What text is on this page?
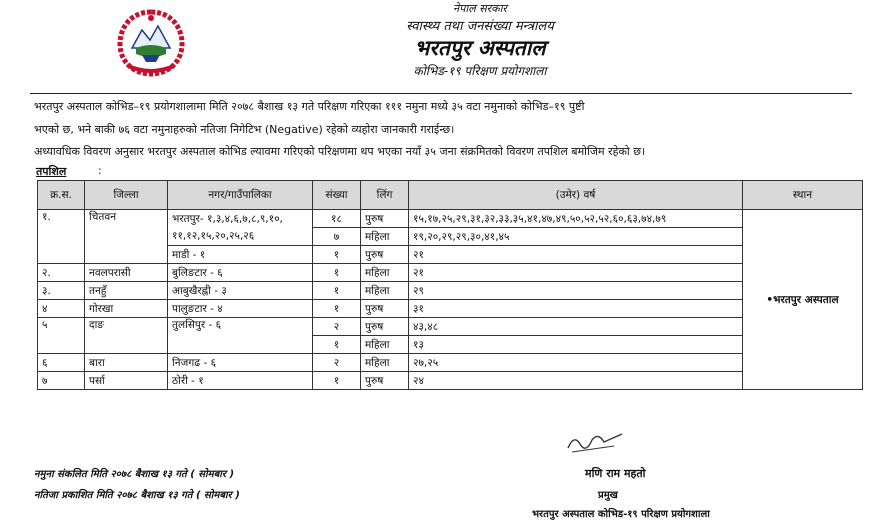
नेपाल सरकार
स्वास्थ्य तथा जनसंख्या मन्त्रालय
भरतपुर अस्पताल
कोभिड-१९ परिक्षण प्रयोगशाला
भरतपुर अस्पताल कोभिड–१९ प्रयोगशालामा मिति २०७८ बैशाख १३ गते परिक्षण गरिएका १११ नमुना मध्ये ३५ वटा नमुनाको कोभिड–१९ पुष्टी
भएको छ, भने बाकी ७६ वटा नमुनाहरुको नतिजा निगेटिभ (Negative) रहेको व्यहोरा जानकारी गराईन्छ।
अध्यावधिक विवरण अनुसार भरतपुर अस्पताल कोभिड ल्यावमा गरिएको परिक्षणमा थप भएका नयाँ ३५ जना संक्रमितको विवरण तपशिल बमोजिम रहेको छ।
तपशिल	:
क्र.स.	जिल्ला	नगर/गाउँपालिका	संख्या	लिंग	(उमेर) वर्ष	स्थान
१.	चितवन	भरतपुर- १,३,४,६,७,८,९,१०,	१८	पुरुष	१५,१७,२५,२९,३१,३२,३३,३५,४१,४७,४९,५०,५२,५२,६०,६३,७४,७९	•भरतपुर अस्पताल
		११,१२,१५,२०,२५,२६	७	महिला	१९,२०,२९,२९,३०,४१,४५	
		माडी - १	१	पुरुष	२१	
२.	नवलपरासी	बुलिङटार - ६	१	महिला	२१	
३.	तनहुँ	आबुखैरह्नी - ३	१	महिला	२९	
४	गोरखा	पालुङटार - ४	१	पुरुष	३१	
५	दाङ	तुलसिपुर - ६	२	पुरुष	४३,४८	
			१	महिला	१३	
६	बारा	निजगढ - ६	२	महिला	२७,२५	
७	पर्सा	ठोरी - १	१	पुरुष	२४	
नमुना संकलित मिति २०७८ बैशाख १३ गते ( सोमबार )
नतिजा प्रकाशित मिति २०७८ बैशाख १३ गते ( सोमबार )
मणि राम महतो
प्रमुख
भरतपुर अस्पताल कोभिड-१९ परिक्षण प्रयोगशाला
